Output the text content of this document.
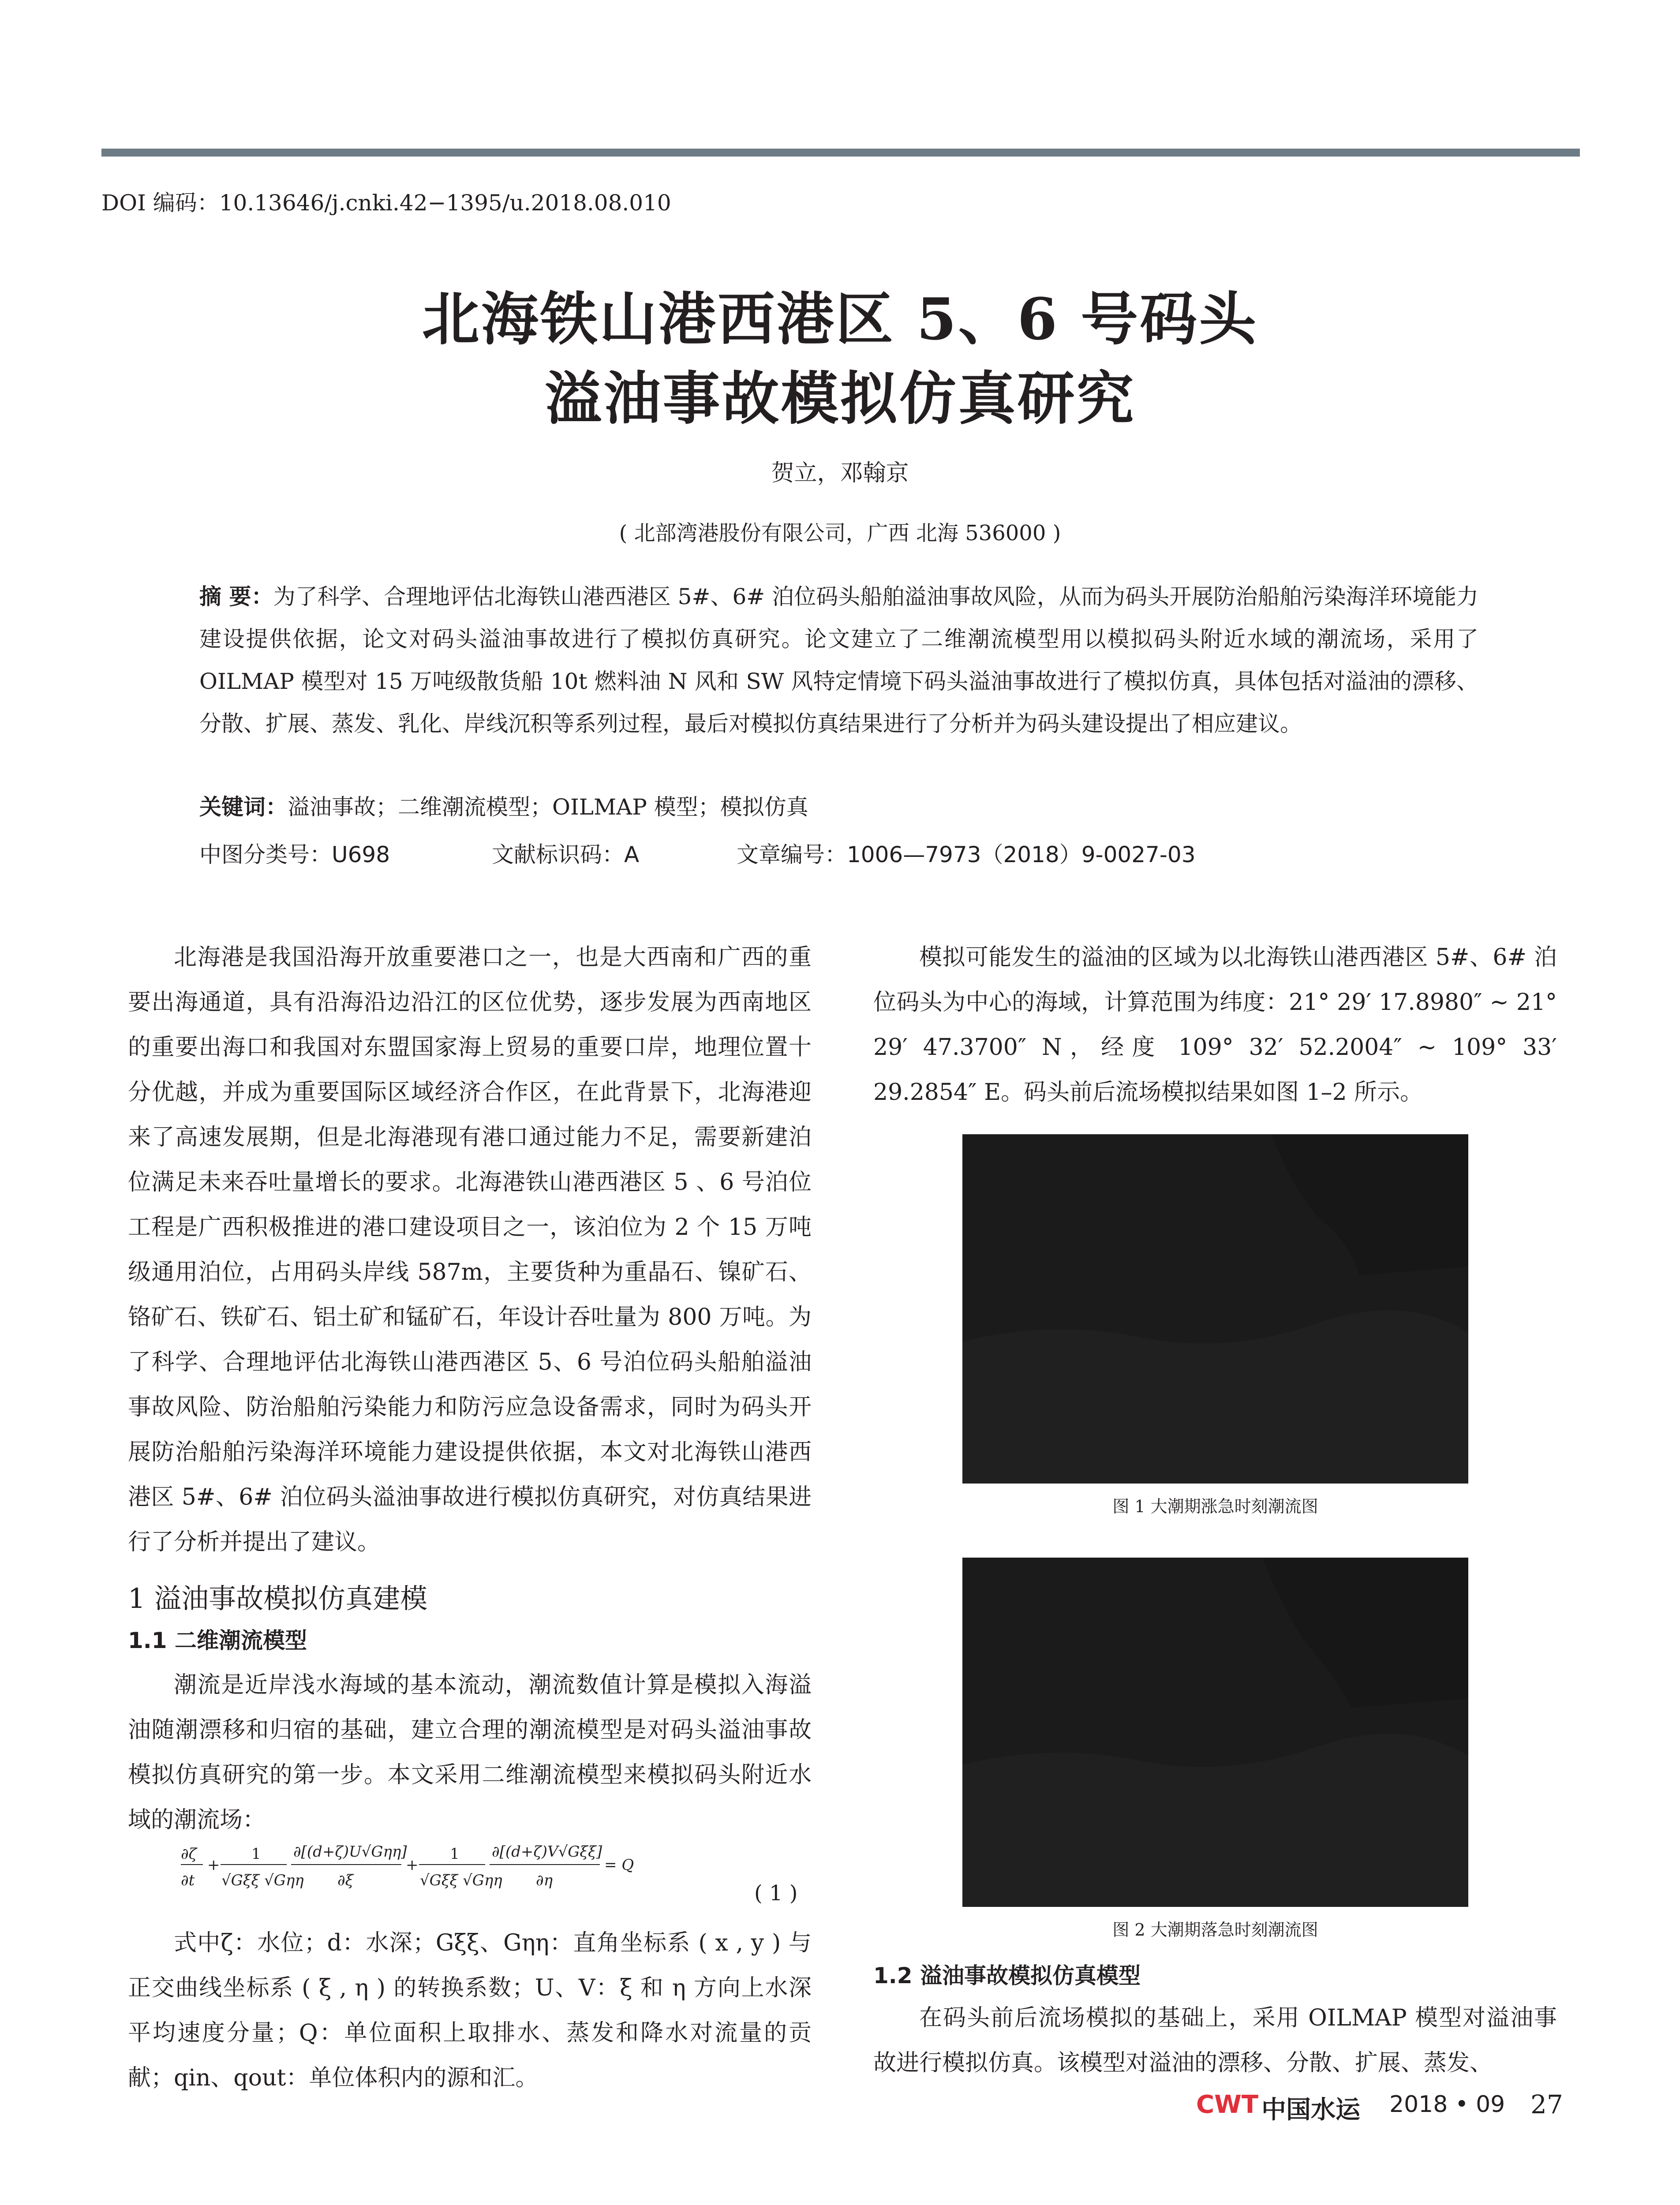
DOI 编码：10.13646/j.cnki.42−1395/u.2018.08.010
北海铁山港西港区 5、6 号码头
溢油事故模拟仿真研究
贺立，邓翰京
( 北部湾港股份有限公司，广西 北海 536000 )
摘 要：为了科学、合理地评估北海铁山港西港区 5#、6# 泊位码头船舶溢油事故风险，从而为码头开展防治船舶污染海洋环境能力建设提供依据，论文对码头溢油事故进行了模拟仿真研究。论文建立了二维潮流模型用以模拟码头附近水域的潮流场，采用了 OILMAP 模型对 15 万吨级散货船 10t 燃料油 N 风和 SW 风特定情境下码头溢油事故进行了模拟仿真，具体包括对溢油的漂移、分散、扩展、蒸发、乳化、岸线沉积等系列过程，最后对模拟仿真结果进行了分析并为码头建设提出了相应建议。
关键词：溢油事故；二维潮流模型；OILMAP 模型；模拟仿真
中图分类号：U698	文献标识码：A	文章编号：1006—7973（2018）9-0027-03

北海港是我国沿海开放重要港口之一，也是大西南和广西的重要出海通道，具有沿海沿边沿江的区位优势，逐步发展为西南地区的重要出海口和我国对东盟国家海上贸易的重要口岸，地理位置十分优越，并成为重要国际区域经济合作区，在此背景下，北海港迎来了高速发展期，但是北海港现有港口通过能力不足，需要新建泊位满足未来吞吐量增长的要求。北海港铁山港西港区 5 、6 号泊位工程是广西积极推进的港口建设项目之一，该泊位为 2 个 15 万吨级通用泊位，占用码头岸线 587m，主要货种为重晶石、镍矿石、铬矿石、铁矿石、铝土矿和锰矿石，年设计吞吐量为 800 万吨。为了科学、合理地评估北海铁山港西港区 5、6 号泊位码头船舶溢油事故风险、防治船舶污染能力和防污应急设备需求，同时为码头开展防治船舶污染海洋环境能力建设提供依据，本文对北海铁山港西港区 5#、6# 泊位码头溢油事故进行模拟仿真研究，对仿真结果进行了分析并提出了建议。

1 溢油事故模拟仿真建模
1.1 二维潮流模型

潮流是近岸浅水海域的基本流动，潮流数值计算是模拟入海溢油随潮漂移和归宿的基础，建立合理的潮流模型是对码头溢油事故模拟仿真研究的第一步。本文采用二维潮流模型来模拟码头附近水域的潮流场：

∂ζ
∂t
+
1
√Gξξ √Gηη
∂[(d+ζ)U√Gηη]
∂ξ
+
1
√Gξξ √Gηη
∂[(d+ζ)V√Gξξ]
∂η
= Q
( 1 )

式中ζ：水位；d：水深；Gξξ、Gηη：直角坐标系 ( x , y ) 与正交曲线坐标系 ( ξ , η ) 的转换系数；U、V：ξ 和 η 方向上水深平均速度分量；Q：单位面积上取排水、蒸发和降水对流量的贡献；qin、qout：单位体积内的源和汇。

模拟可能发生的溢油的区域为以北海铁山港西港区 5#、6# 泊位码头为中心的海域，计算范围为纬度：21° 29′ 17.8980″ ~ 21° 29′ 47.3700″ N，经度 109° 32′ 52.2004″ ~ 109° 33′ 29.2854″ E。码头前后流场模拟结果如图 1–2 所示。

图 1 大潮期涨急时刻潮流图
图 2 大潮期落急时刻潮流图
1.2 溢油事故模拟仿真模型

在码头前后流场模拟的基础上，采用 OILMAP 模型对溢油事故进行模拟仿真。该模型对溢油的漂移、分散、扩展、蒸发、

CWT 中国水运 2018 • 09 27
